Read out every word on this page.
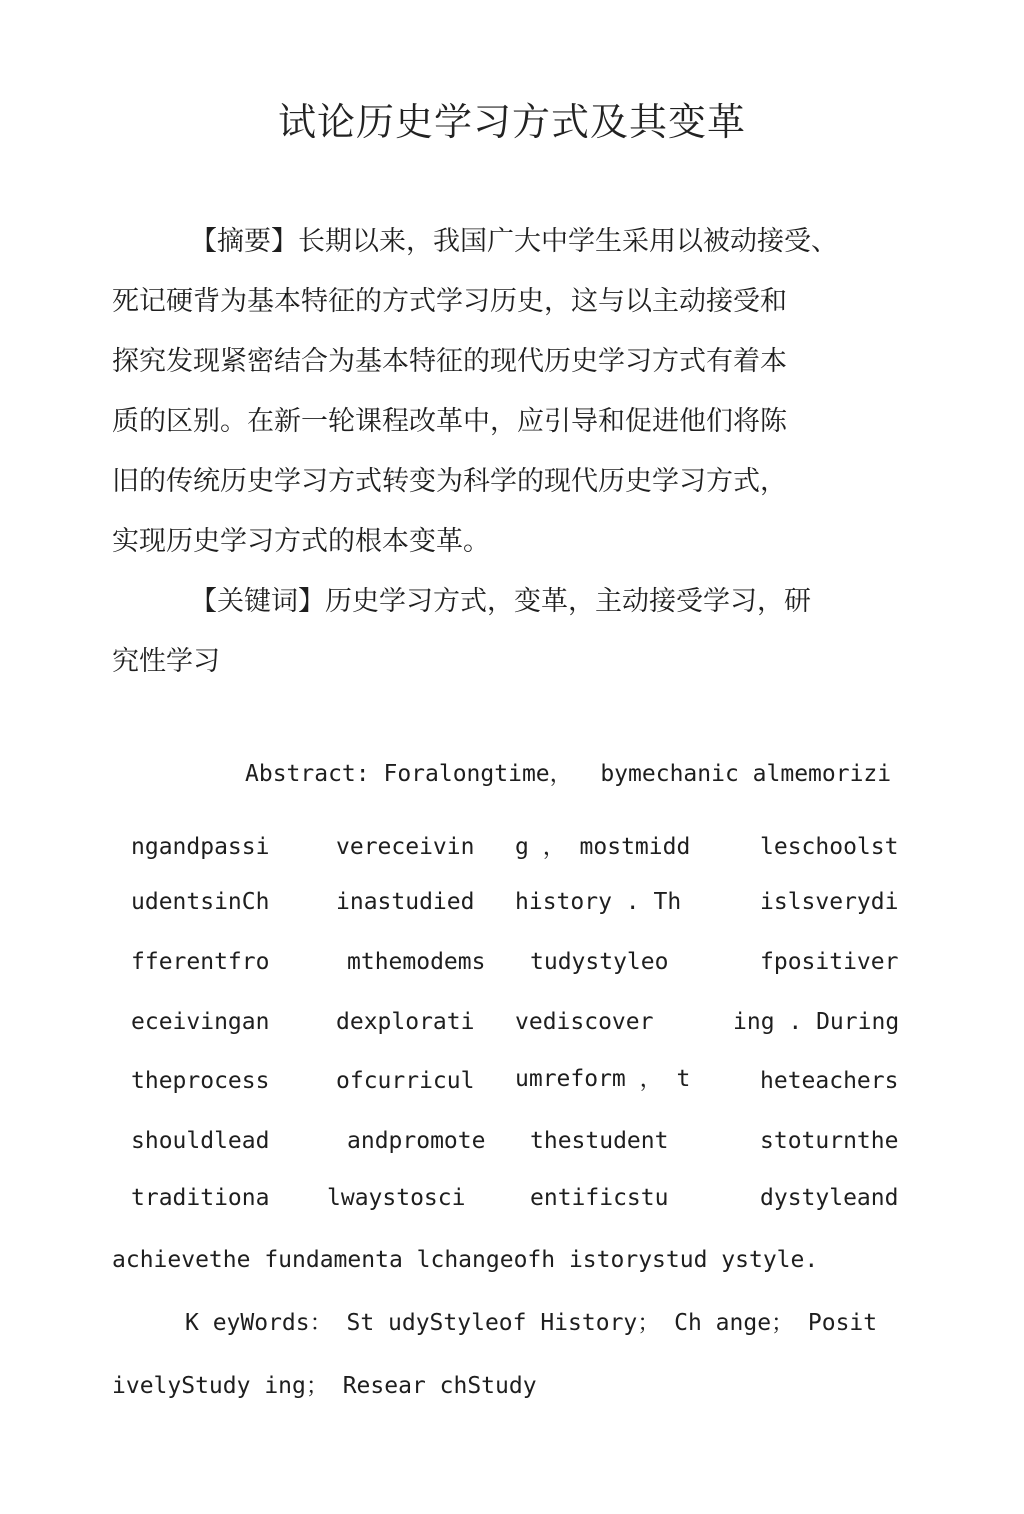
试论历史学习方式及其变革
【摘要】长期以来，我国广大中学生采用以被动接受、
死记硬背为基本特征的方式学习历史，这与以主动接受和
探究发现紧密结合为基本特征的现代历史学习方式有着本
质的区别。在新一轮课程改革中，应引导和促进他们将陈
旧的传统历史学习方式转变为科学的现代历史学习方式，
实现历史学习方式的根本变革。
【关键词】历史学习方式，变革，主动接受学习，研
究性学习
Abstract: Foralongtime，  bymechanic almemorizi
ngandpassi	vereceivin g ， mostmidd	leschoolst
udentsinCh	inastudied history . Th	islsverydi
fferentfro	mthemodems tudystyleo	fpositiver
eceivingan	dexplorati vediscover	ing . During
theprocess	ofcurricul umreform ， t	heteachers
shouldlead	andpromote thestudent	stoturnthe
traditiona	lwaystosci	entificstu	dystyleand
achievethe fundamenta lchangeofh istorystud ystyle.
K eyWords： St udyStyleof History； Ch ange； Posit
ivelyStudy ing； Resear chStudy
